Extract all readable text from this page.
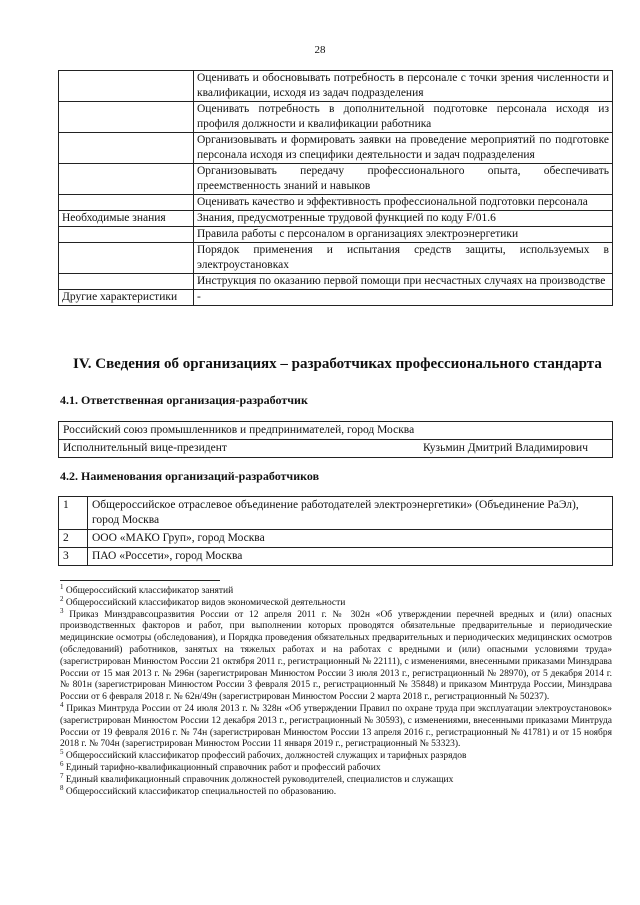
28
	Оценивать и обосновывать потребность в персонале с точки зрения численности и квалификации, исходя из задач подразделения
	Оценивать потребность в дополнительной подготовке персонала исходя из профиля должности и квалификации работника
	Организовывать и формировать заявки на проведение мероприятий по подготовке персонала исходя из специфики деятельности и задач подразделения
	Организовывать передачу профессионального опыта, обеспечивать преемственность знаний и навыков
	Оценивать качество и эффективность профессиональной подготовки персонала
Необходимые знания	Знания, предусмотренные трудовой функцией по коду F/01.6
	Правила работы с персоналом в организациях электроэнергетики
	Порядок применения и испытания средств защиты, используемых в электроустановках
	Инструкция по оказанию первой помощи при несчастных случаях на производстве
Другие характеристики	-
IV. Сведения об организациях – разработчиках профессионального стандарта
4.1. Ответственная организация-разработчик
Российский союз промышленников и предпринимателей, город Москва

Исполнительный вице-президент	Кузьмин Дмитрий Владимирович
4.2. Наименования организаций-разработчиков
1	Общероссийское отраслевое объединение работодателей электроэнергетики» (Объединение РаЭл), город Москва
2	ООО «МАКО Груп», город Москва
3	ПАО «Россети», город Москва
$^1$ Общероссийский классификатор занятий
$^2$ Общероссийский классификатор видов экономической деятельности
$^3$ Приказ Минздравсоцразвития России от 12 апреля 2011 г. № 302н «Об утверждении перечней вредных и (или) опасных производственных факторов и работ, при выполнении которых проводятся обязательные предварительные и периодические медицинские осмотры (обследования), и Порядка проведения обязательных предварительных и периодических медицинских осмотров (обследований) работников, занятых на тяжелых работах и на работах с вредными и (или) опасными условиями труда» (зарегистрирован Минюстом России 21 октября 2011 г., регистрационный № 22111), с изменениями, внесенными приказами Минздрава России от 15 мая 2013 г. № 296н (зарегистрирован Минюстом России 3 июля 2013 г., регистрационный № 28970), от 5 декабря 2014 г. № 801н (зарегистрирован Минюстом России 3 февраля 2015 г., регистрационный № 35848) и приказом Минтруда России, Минздрава России от 6 февраля 2018 г. № 62н/49н (зарегистрирован Минюстом России 2 марта 2018 г., регистрационный № 50237).
$^4$ Приказ Минтруда России от 24 июля 2013 г. № 328н «Об утверждении Правил по охране труда при эксплуатации электроустановок» (зарегистрирован Минюстом России 12 декабря 2013 г., регистрационный № 30593), с изменениями, внесенными приказами Минтруда России от 19 февраля 2016 г. № 74н (зарегистрирован Минюстом России 13 апреля 2016 г., регистрационный № 41781) и от 15 ноября 2018 г. № 704н (зарегистрирован Минюстом России 11 января 2019 г., регистрационный № 53323).
$^5$ Общероссийский классификатор профессий рабочих, должностей служащих и тарифных разрядов
$^6$ Единый тарифно-квалификационный справочник работ и профессий рабочих
$^7$ Единый квалификационный справочник должностей руководителей, специалистов и служащих
$^8$ Общероссийский классификатор специальностей по образованию.
